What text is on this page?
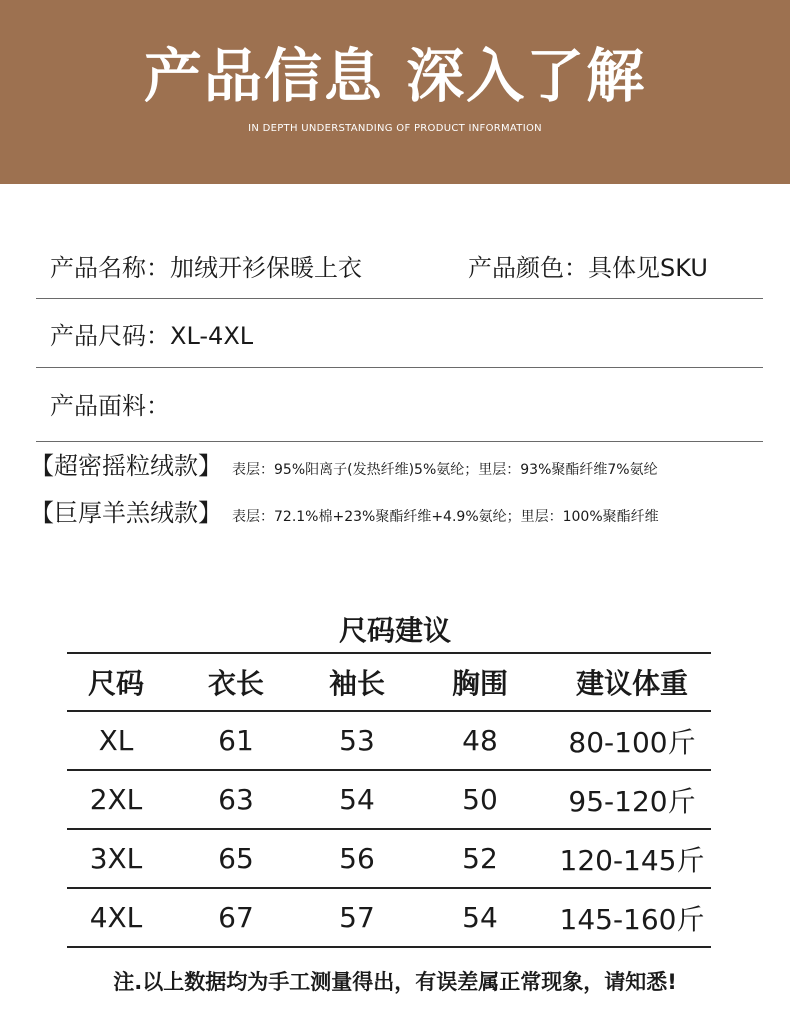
产品信息 深入了解
IN DEPTH UNDERSTANDING OF PRODUCT INFORMATION
产品名称：加绒开衫保暖上衣	产品颜色：具体见SKU
产品尺码：XL-4XL
产品面料：
【超密摇粒绒款】 表层：95%阳离子(发热纤维)5%氨纶；里层：93%聚酯纤维7%氨纶
【巨厚羊羔绒款】 表层：72.1%棉+23%聚酯纤维+4.9%氨纶；里层：100%聚酯纤维
尺码建议
尺码	衣长	袖长	胸围	建议体重
XL	61	53	48	80-100斤
2XL	63	54	50	95-120斤
3XL	65	56	52	120-145斤
4XL	67	57	54	145-160斤
注.以上数据均为手工测量得出，有误差属正常现象，请知悉!
